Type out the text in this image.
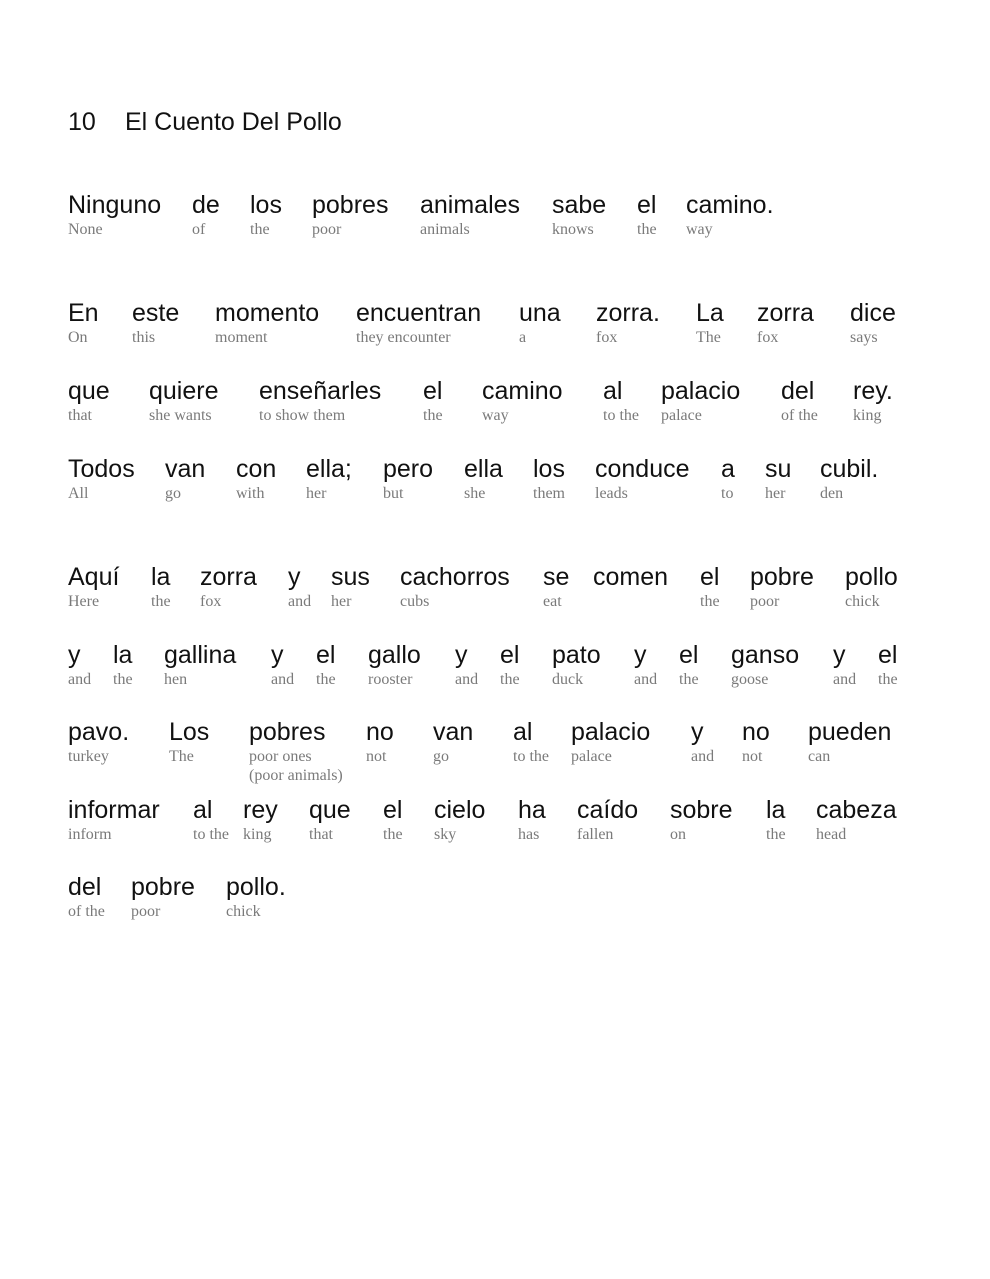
10 El Cuento Del Pollo
Ninguno
None
de
of
los
the
pobres
poor
animales
animals
sabe
knows
el
the
camino.
way
En
On
este
this
momento
moment
encuentran
they encounter
una
a
zorra.
fox
La
The
zorra
fox
dice
says
que
that
quiere
she wants
enseñarles
to show them
el
the
camino
way
al
to the
palacio
palace
del
of the
rey.
king
Todos
All
van
go
con
with
ella;
her
pero
but
ella
she
los
them
conduce
leads
a
to
su
her
cubil.
den
Aquí
Here
la
the
zorra
fox
y
and
sus
her
cachorros
cubs
se
eat
comen el
the
pobre
poor
pollo
chick
y
and
la
the
gallina
hen
y
and
el
the
gallo
rooster
y
and
el
the
pato
duck
y
and
el
the
ganso
goose
y
and
el
the
pavo.
turkey
Los
The
pobres
poor ones
(poor animals)
no
not
van
go
al
to the
palacio
palace
y
and
no
not
pueden
can
informar
inform
al
to the
rey
king
que
that
el
the
cielo
sky
ha
has
caído
fallen
sobre
on
la
the
cabeza
head
del
of the
pobre
poor
pollo.
chick
